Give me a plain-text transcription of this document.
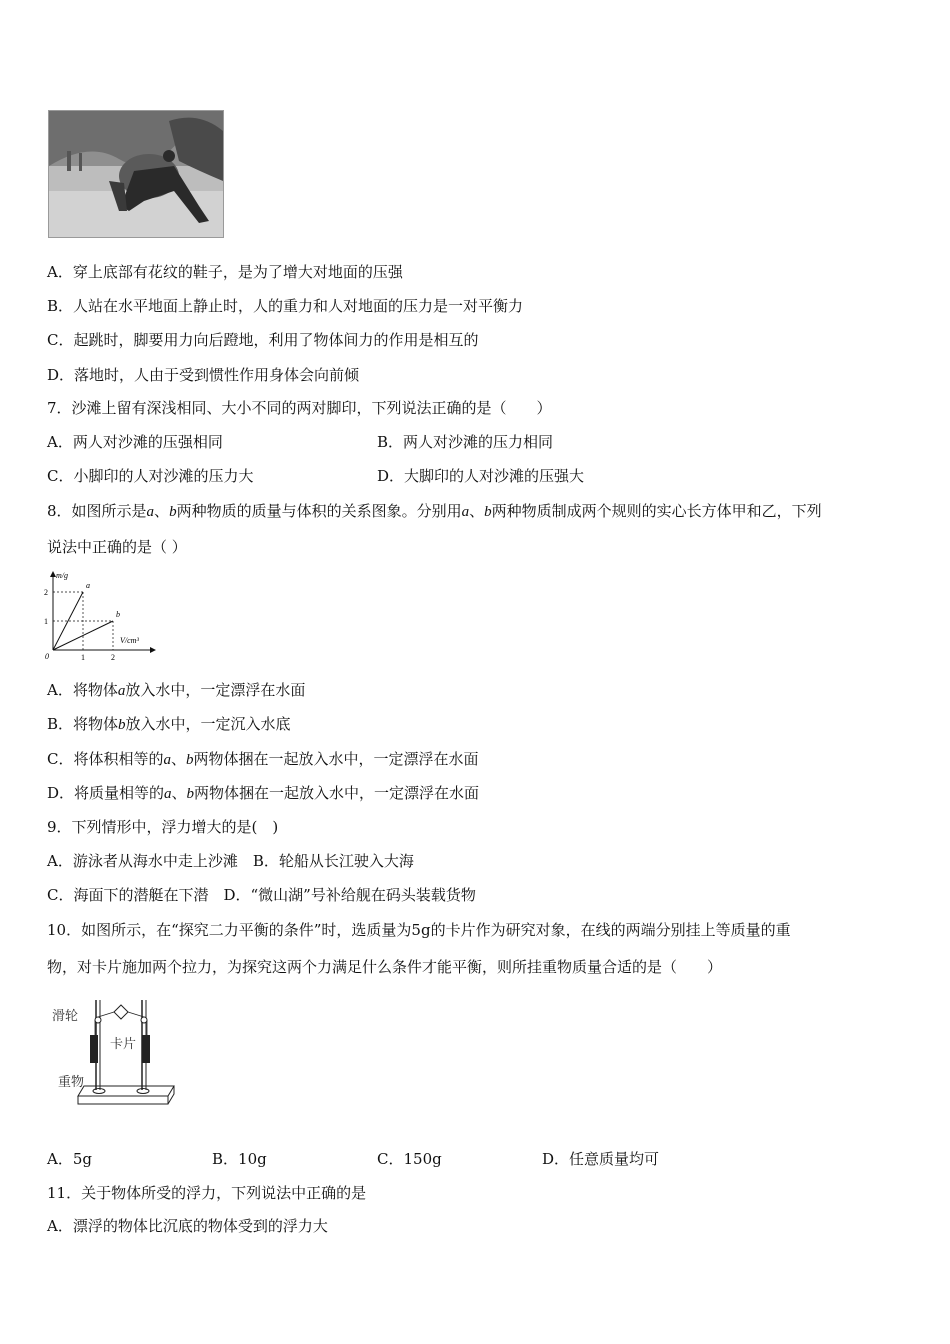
A．穿上底部有花纹的鞋子，是为了增大对地面的压强
B．人站在水平地面上静止时，人的重力和人对地面的压力是一对平衡力
C．起跳时，脚要用力向后蹬地，利用了物体间力的作用是相互的
D．落地时，人由于受到惯性作用身体会向前倾
7．沙滩上留有深浅相同、大小不同的两对脚印，下列说法正确的是（　　）
A．两人对沙滩的压强相同	B．两人对沙滩的压力相同
C．小脚印的人对沙滩的压力大	D．大脚印的人对沙滩的压强大
8．如图所示是a、b两种物质的质量与体积的关系图象。分别用a、b两种物质制成两个规则的实心长方体甲和乙，下列
说法中正确的是（ ）
m/g
V/cm³
0	1	2
1
2
a
b
A．将物体a放入水中，一定漂浮在水面
B．将物体b放入水中，一定沉入水底
C．将体积相等的a、b两物体捆在一起放入水中，一定漂浮在水面
D．将质量相等的a、b两物体捆在一起放入水中，一定漂浮在水面
9．下列情形中，浮力增大的是(　)
A．游泳者从海水中走上沙滩　B．轮船从长江驶入大海
C．海面下的潜艇在下潜　D．“微山湖”号补给舰在码头装载货物
10．如图所示，在“探究二力平衡的条件”时，选质量为5g的卡片作为研究对象，在线的两端分别挂上等质量的重
物，对卡片施加两个拉力，为探究这两个力满足什么条件才能平衡，则所挂重物质量合适的是（　　）
滑轮
卡片
重物
A．5g	B．10g	C．150g	D．任意质量均可
11．关于物体所受的浮力，下列说法中正确的是
A．漂浮的物体比沉底的物体受到的浮力大
